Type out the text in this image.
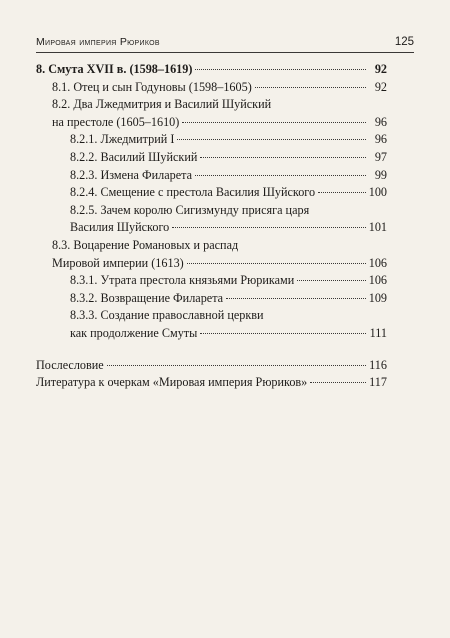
Мировая империя Рюриков	125
8. Смута XVII в. (1598–1619)	92
8.1. Отец и сын Годуновы (1598–1605)	92
8.2. Два Лжедмитрия и Василий Шуйский
на престоле (1605–1610)	96
8.2.1. Лжедмитрий I	96
8.2.2. Василий Шуйский	97
8.2.3. Измена Филарета	99
8.2.4. Смещение с престола Василия Шуйского	100
8.2.5. Зачем королю Сигизмунду присяга царя
Василия Шуйского	101
8.3. Воцарение Романовых и распад
Мировой империи (1613)	106
8.3.1. Утрата престола князьями Рюриками	106
8.3.2. Возвращение Филарета	109
8.3.3. Создание православной церкви
как продолжение Смуты	111
Послесловие	116
Литература к очеркам «Мировая империя Рюриков»	117
